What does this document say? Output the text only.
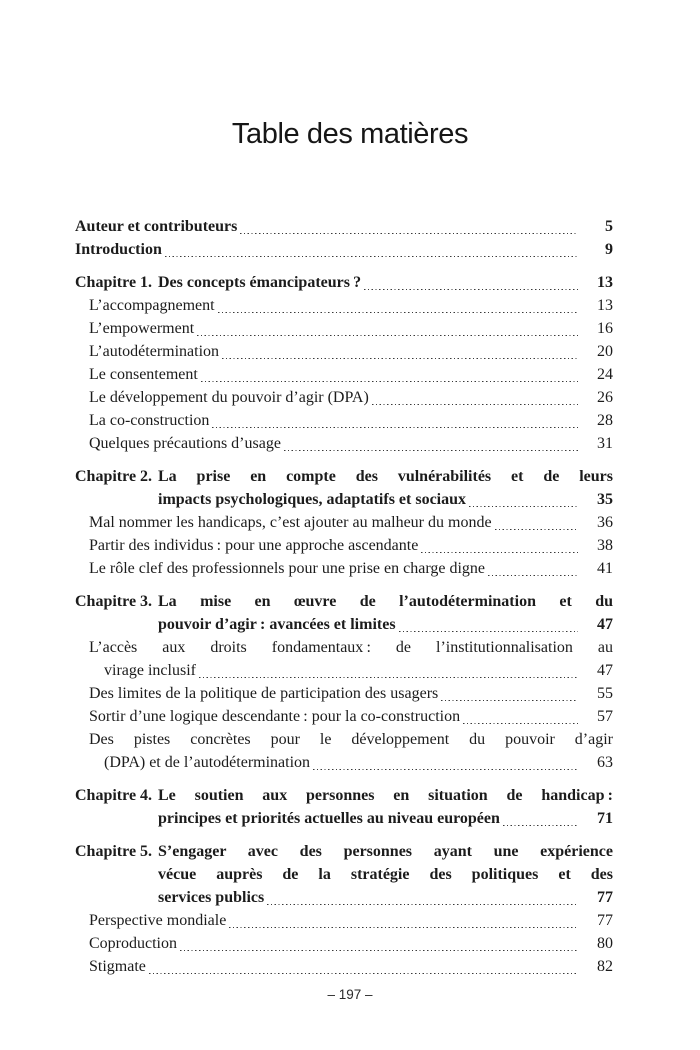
Table des matières
Auteur et contributeurs	5
Introduction	9
Chapitre 1. Des concepts émancipateurs ?	13
L’accompagnement	13
L’empowerment	16
L’autodétermination	20
Le consentement	24
Le développement du pouvoir d’agir (DPA)	26
La co-construction	28
Quelques précautions d’usage	31
Chapitre 2. La prise en compte des vulnérabilités et de leurs
impacts psychologiques, adaptatifs et sociaux	35
Mal nommer les handicaps, c’est ajouter au malheur du monde	36
Partir des individus : pour une approche ascendante	38
Le rôle clef des professionnels pour une prise en charge digne	41
Chapitre 3. La mise en œuvre de l’autodétermination et du
pouvoir d’agir : avancées et limites	47
L’accès aux droits fondamentaux : de l’institutionnalisation au
virage inclusif	47
Des limites de la politique de participation des usagers	55
Sortir d’une logique descendante : pour la co-construction	57
Des pistes concrètes pour le développement du pouvoir d’agir
(DPA) et de l’autodétermination	63
Chapitre 4. Le soutien aux personnes en situation de handicap :
principes et priorités actuelles au niveau européen	71
Chapitre 5. S’engager avec des personnes ayant une expérience
vécue auprès de la stratégie des politiques et des
services publics	77
Perspective mondiale	77
Coproduction	80
Stigmate	82
– 197 –
